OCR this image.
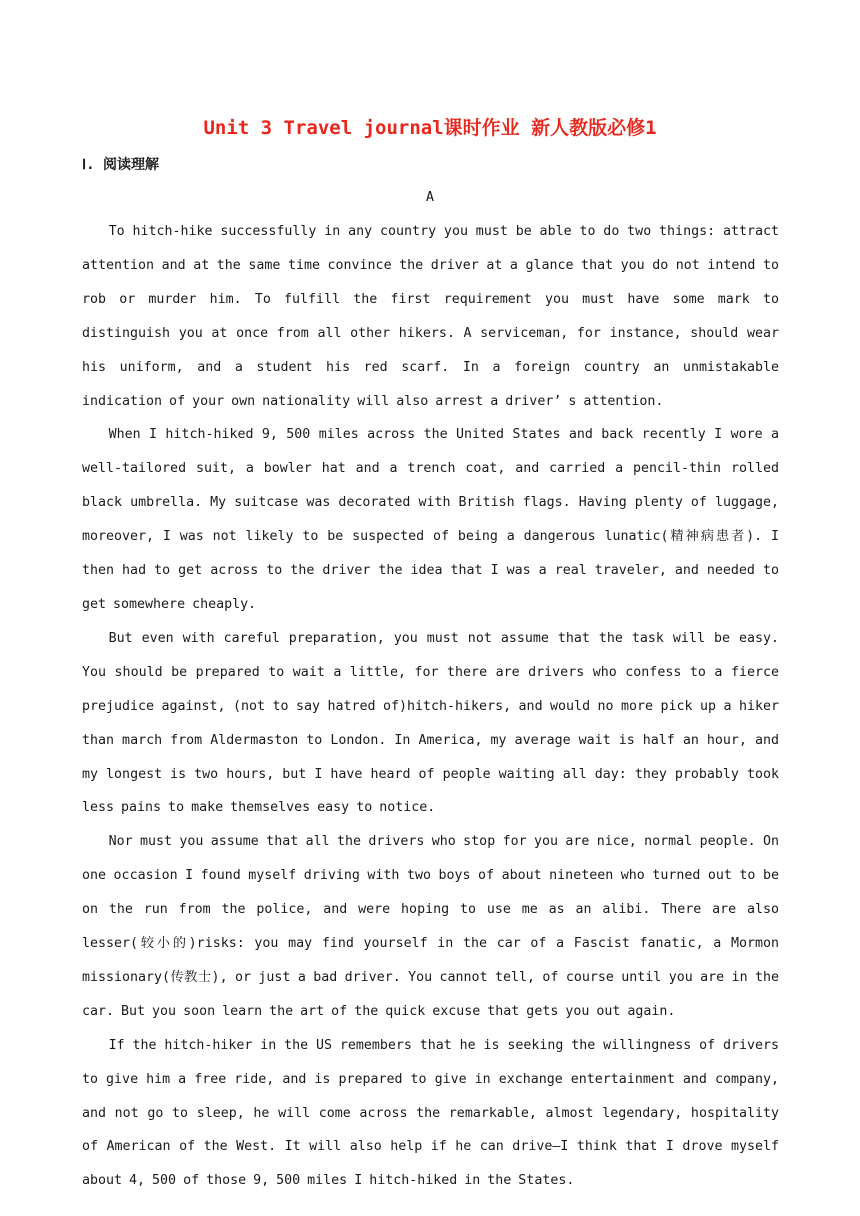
Unit 3 Travel journal课时作业 新人教版必修1
Ⅰ. 阅读理解
A

To hitch-hike successfully in any country you must be able to do two things: attract attention and at the same time convince the driver at a glance that you do not intend to rob or murder him. To fulfill the first requirement you must have some mark to distinguish you at once from all other hikers. A serviceman, for instance, should wear his uniform, and a student his red scarf. In a foreign country an unmistakable indication of your own nationality will also arrest a driver’ s attention.

When I hitch-hiked 9, 500 miles across the United States and back recently I wore a well-tailored suit, a bowler hat and a trench coat, and carried a pencil-thin rolled black umbrella. My suitcase was decorated with British flags. Having plenty of luggage, moreover, I was not likely to be suspected of being a dangerous lunatic(精神病患者). I then had to get across to the driver the idea that I was a real traveler, and needed to get somewhere cheaply.

But even with careful preparation, you must not assume that the task will be easy. You should be prepared to wait a little, for there are drivers who confess to a fierce prejudice against, (not to say hatred of)hitch-hikers, and would no more pick up a hiker than march from Aldermaston to London. In America, my average wait is half an hour, and my longest is two hours, but I have heard of people waiting all day: they probably took less pains to make themselves easy to notice.

Nor must you assume that all the drivers who stop for you are nice, normal people. On one occasion I found myself driving with two boys of about nineteen who turned out to be on the run from the police, and were hoping to use me as an alibi. There are also lesser(较小的)risks: you may find yourself in the car of a Fascist fanatic, a Mormon missionary(传教士), or just a bad driver. You cannot tell, of course until you are in the car. But you soon learn the art of the quick excuse that gets you out again.

If the hitch-hiker in the US remembers that he is seeking the willingness of drivers to give him a free ride, and is prepared to give in exchange entertainment and company, and not go to sleep, he will come across the remarkable, almost legendary, hospitality of American of the West. It will also help if he can drive—I think that I drove myself about 4, 500 of those 9, 500 miles I hitch-hiked in the States.
